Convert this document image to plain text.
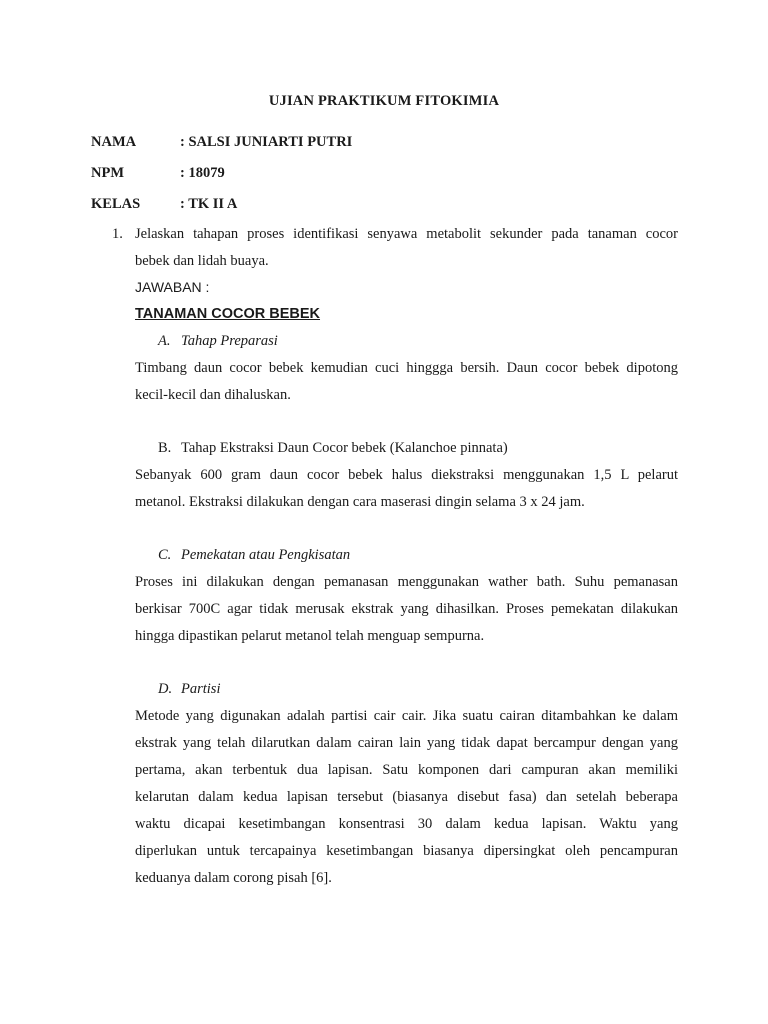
UJIAN PRAKTIKUM FITOKIMIA
NAMA	: SALSI JUNIARTI PUTRI
NPM	: 18079
KELAS	: TK II A
1. Jelaskan tahapan proses identifikasi senyawa metabolit sekunder pada tanaman cocor
bebek dan lidah buaya.
JAWABAN :
TANAMAN COCOR BEBEK
A. Tahap Preparasi
Timbang daun cocor bebek kemudian cuci hinggga bersih. Daun cocor bebek dipotong
kecil-kecil dan dihaluskan.
B. Tahap Ekstraksi Daun Cocor bebek (Kalanchoe pinnata)
Sebanyak 600 gram daun cocor bebek halus diekstraksi menggunakan 1,5 L pelarut
metanol. Ekstraksi dilakukan dengan cara maserasi dingin selama 3 x 24 jam.
C. Pemekatan atau Pengkisatan
Proses ini dilakukan dengan pemanasan menggunakan wather bath. Suhu pemanasan
berkisar 700C agar tidak merusak ekstrak yang dihasilkan. Proses pemekatan dilakukan
hingga dipastikan pelarut metanol telah menguap sempurna.
D. Partisi
Metode yang digunakan adalah partisi cair cair. Jika suatu cairan ditambahkan ke dalam
ekstrak yang telah dilarutkan dalam cairan lain yang tidak dapat bercampur dengan yang
pertama, akan terbentuk dua lapisan. Satu komponen dari campuran akan memiliki
kelarutan dalam kedua lapisan tersebut (biasanya disebut fasa) dan setelah beberapa
waktu dicapai kesetimbangan konsentrasi 30 dalam kedua lapisan. Waktu yang
diperlukan untuk tercapainya kesetimbangan biasanya dipersingkat oleh pencampuran
keduanya dalam corong pisah [6].
